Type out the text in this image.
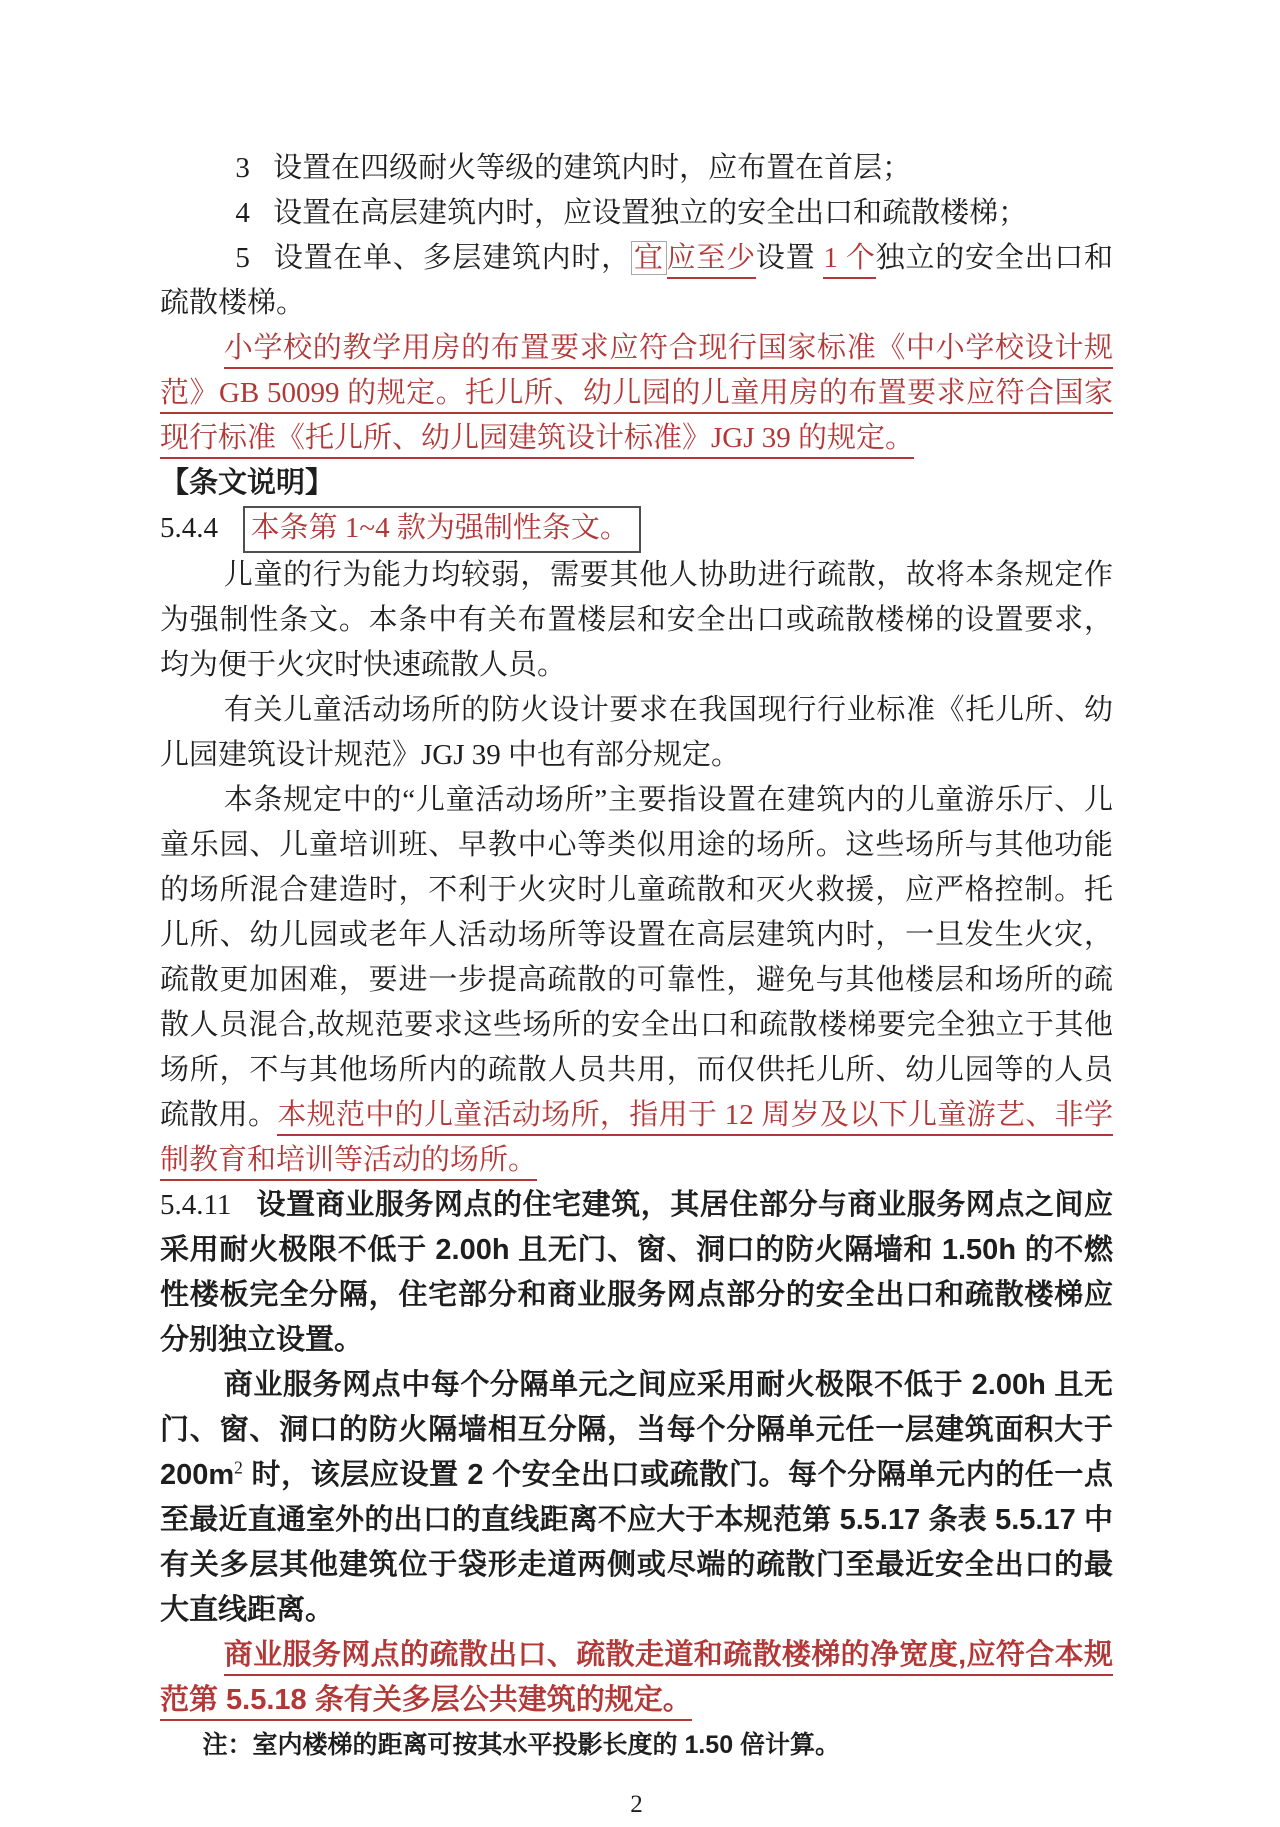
3 设置在四级耐火等级的建筑内时，应布置在首层；

4 设置在高层建筑内时，应设置独立的安全出口和疏散楼梯；

5 设置在单、多层建筑内时， 宜 应至少设置 1 个独立的安全出口和疏散楼梯。

小学校的教学用房的布置要求应符合现行国家标准《中小学校设计规范》GB 50099 的规定。托儿所、幼儿园的儿童用房的布置要求应符合国家现行标准《托儿所、幼儿园建筑设计标准》JGJ 39 的规定。

【条文说明】

5.4.4 本条第 1~4 款为强制性条文。

儿童的行为能力均较弱，需要其他人协助进行疏散，故将本条规定作为强制性条文。本条中有关布置楼层和安全出口或疏散楼梯的设置要求，均为便于火灾时快速疏散人员。

有关儿童活动场所的防火设计要求在我国现行行业标准《托儿所、幼儿园建筑设计规范》JGJ 39 中也有部分规定。

本条规定中的“儿童活动场所”主要指设置在建筑内的儿童游乐厅、儿童乐园、儿童培训班、早教中心等类似用途的场所。这些场所与其他功能的场所混合建造时，不利于火灾时儿童疏散和灭火救援，应严格控制。托儿所、幼儿园或老年人活动场所等设置在高层建筑内时，一旦发生火灾，疏散更加困难，要进一步提高疏散的可靠性，避免与其他楼层和场所的疏散人员混合,故规范要求这些场所的安全出口和疏散楼梯要完全独立于其他场所，不与其他场所内的疏散人员共用，而仅供托儿所、幼儿园等的人员疏散用。本规范中的儿童活动场所，指用于 12 周岁及以下儿童游艺、非学制教育和培训等活动的场所。

5.4.11 设置商业服务网点的住宅建筑，其居住部分与商业服务网点之间应采用耐火极限不低于 2.00h 且无门、窗、洞口的防火隔墙和 1.50h 的不燃性楼板完全分隔，住宅部分和商业服务网点部分的安全出口和疏散楼梯应分别独立设置。

商业服务网点中每个分隔单元之间应采用耐火极限不低于 2.00h 且无门、窗、洞口的防火隔墙相互分隔，当每个分隔单元任一层建筑面积大于 $200m^2$ 时，该层应设置 2 个安全出口或疏散门。每个分隔单元内的任一点至最近直通室外的出口的直线距离不应大于本规范第 5.5.17 条表 5.5.17 中有关多层其他建筑位于袋形走道两侧或尽端的疏散门至最近安全出口的最大直线距离。

商业服务网点的疏散出口、疏散走道和疏散楼梯的净宽度,应符合本规范第 5.5.18 条有关多层公共建筑的规定。

注：室内楼梯的距离可按其水平投影长度的 1.50 倍计算。

2
